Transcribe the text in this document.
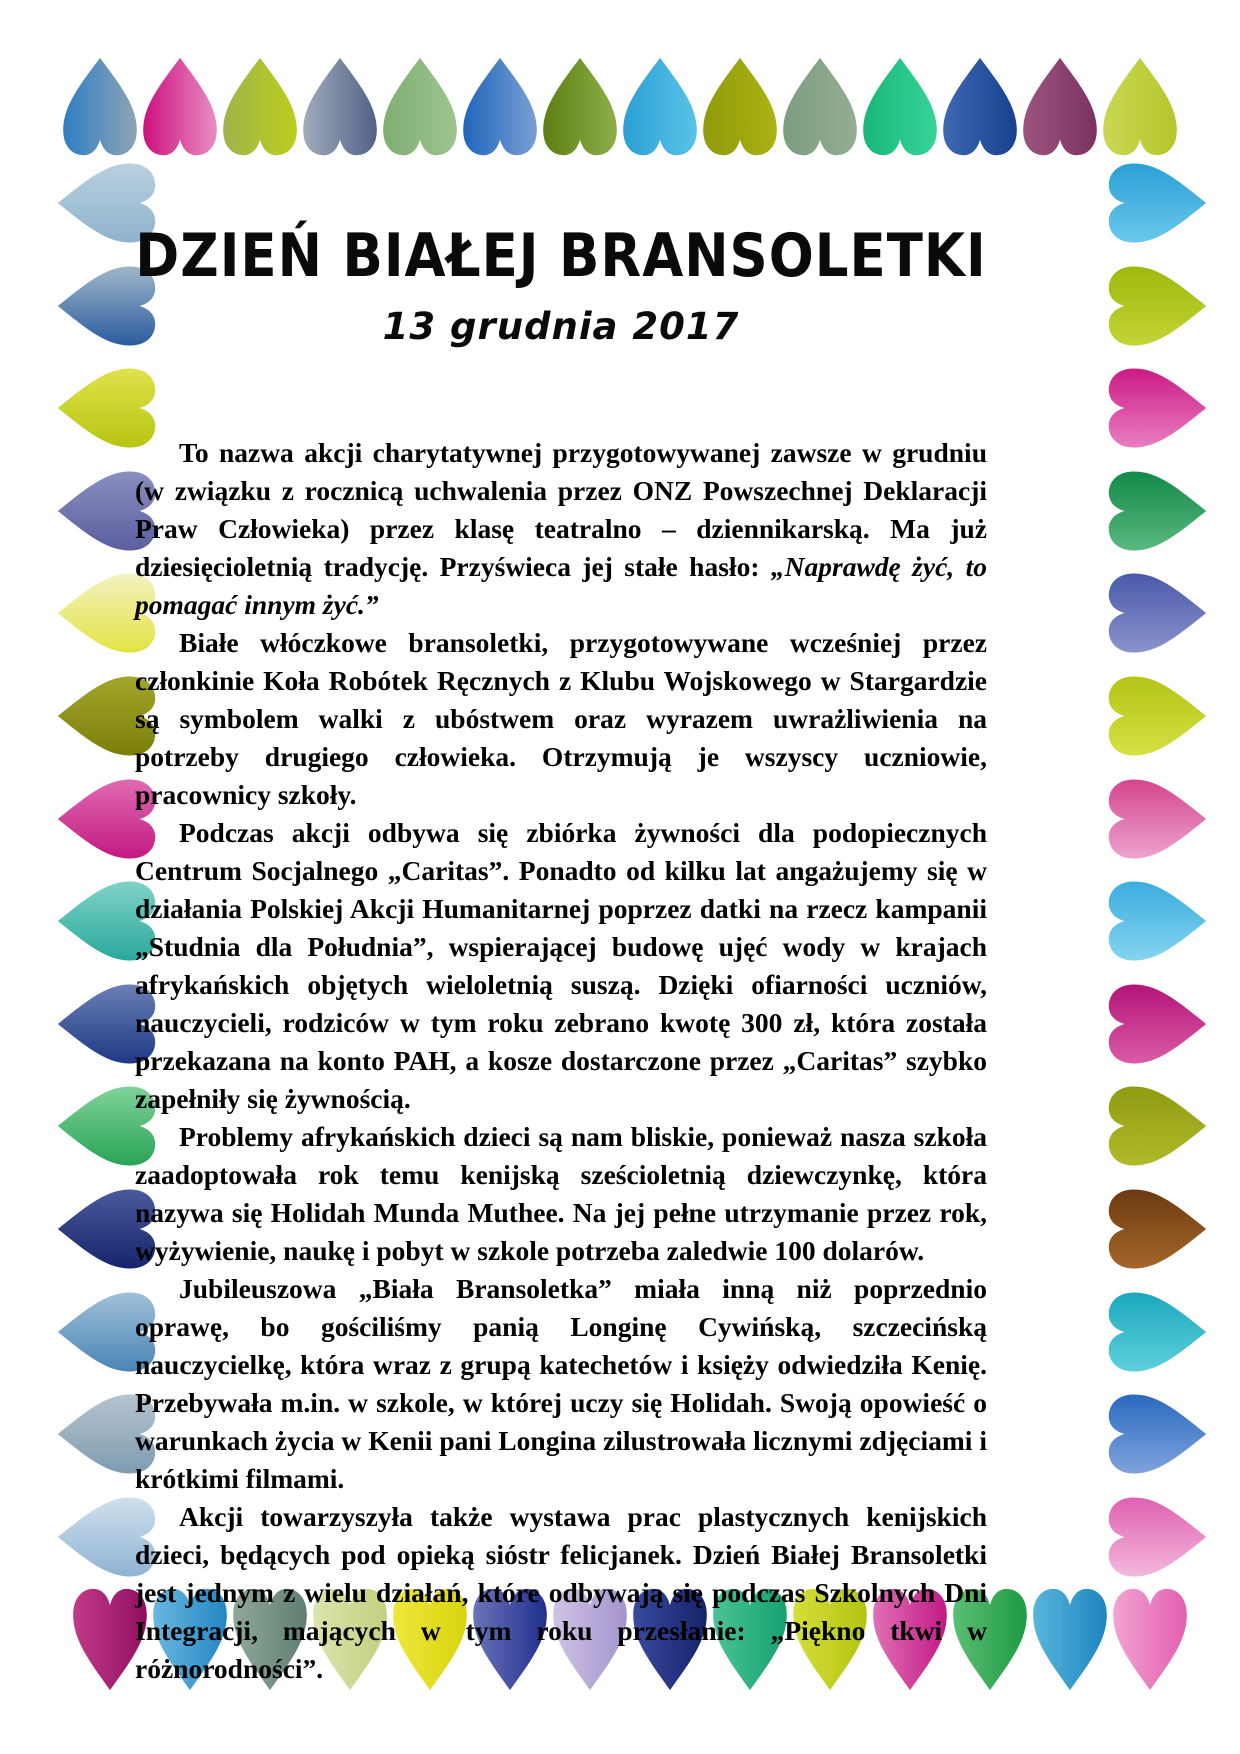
DZIEŃ BIAŁEJ BRANSOLETKI
13 grudnia 2017

To nazwa akcji charytatywnej przygotowywanej zawsze w grudniu (w związku z rocznicą uchwalenia przez ONZ Powszechnej Deklaracji Praw Człowieka) przez klasę teatralno – dziennikarską. Ma już dziesięcioletnią tradycję. Przyświeca jej stałe hasło: „Naprawdę żyć, to pomagać innym żyć.”

Białe włóczkowe bransoletki, przygotowywane wcześniej przez członkinie Koła Robótek Ręcznych z Klubu Wojskowego w Stargardzie są symbolem walki z ubóstwem oraz wyrazem uwrażliwienia na potrzeby drugiego człowieka. Otrzymują je wszyscy uczniowie, pracownicy szkoły.

Podczas akcji odbywa się zbiórka żywności dla podopiecznych Centrum Socjalnego „Caritas”. Ponadto od kilku lat angażujemy się w działania Polskiej Akcji Humanitarnej poprzez datki na rzecz kampanii „Studnia dla Południa”, wspierającej budowę ujęć wody w krajach afrykańskich objętych wieloletnią suszą. Dzięki ofiarności uczniów, nauczycieli, rodziców w tym roku zebrano kwotę 300 zł, która została przekazana na konto PAH, a kosze dostarczone przez „Caritas” szybko zapełniły się żywnością.

Problemy afrykańskich dzieci są nam bliskie, ponieważ nasza szkoła zaadoptowała rok temu kenijską sześcioletnią dziewczynkę, która nazywa się Holidah Munda Muthee. Na jej pełne utrzymanie przez rok, wyżywienie, naukę i pobyt w szkole potrzeba zaledwie 100 dolarów.

Jubileuszowa „Biała Bransoletka” miała inną niż poprzednio oprawę, bo gościliśmy panią Longinę Cywińską, szczecińską nauczycielkę, która wraz z grupą katechetów i księży odwiedziła Kenię. Przebywała m.in. w szkole, w której uczy się Holidah. Swoją opowieść o warunkach życia w Kenii pani Longina zilustrowała licznymi zdjęciami i krótkimi filmami.

Akcji towarzyszyła także wystawa prac plastycznych kenijskich dzieci, będących pod opieką sióstr felicjanek. Dzień Białej Bransoletki jest jednym z wielu działań, które odbywają się podczas Szkolnych Dni Integracji, mających w tym roku przesłanie: „Piękno tkwi w różnorodności”.
